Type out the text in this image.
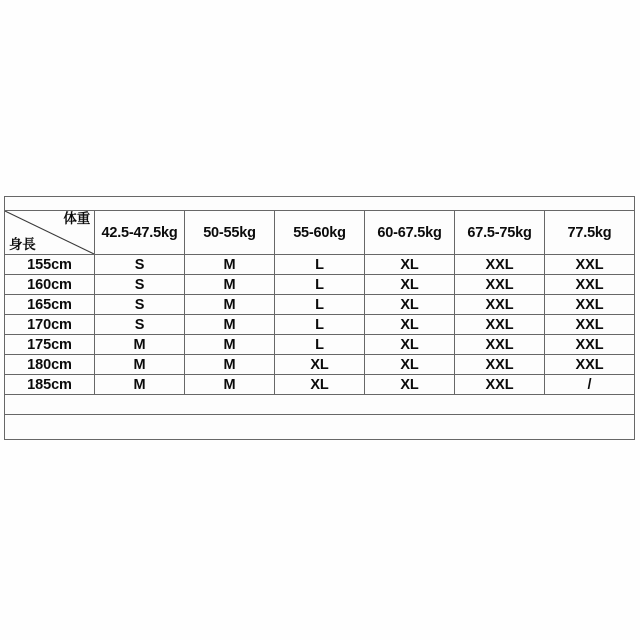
体重
身長	42.5-47.5kg	50-55kg	55-60kg	60-67.5kg	67.5-75kg	77.5kg
155cm	S	M	L	XL	XXL	XXL
160cm	S	M	L	XL	XXL	XXL
165cm	S	M	L	XL	XXL	XXL
170cm	S	M	L	XL	XXL	XXL
175cm	M	M	L	XL	XXL	XXL
180cm	M	M	XL	XL	XXL	XXL
185cm	M	M	XL	XL	XXL	/
